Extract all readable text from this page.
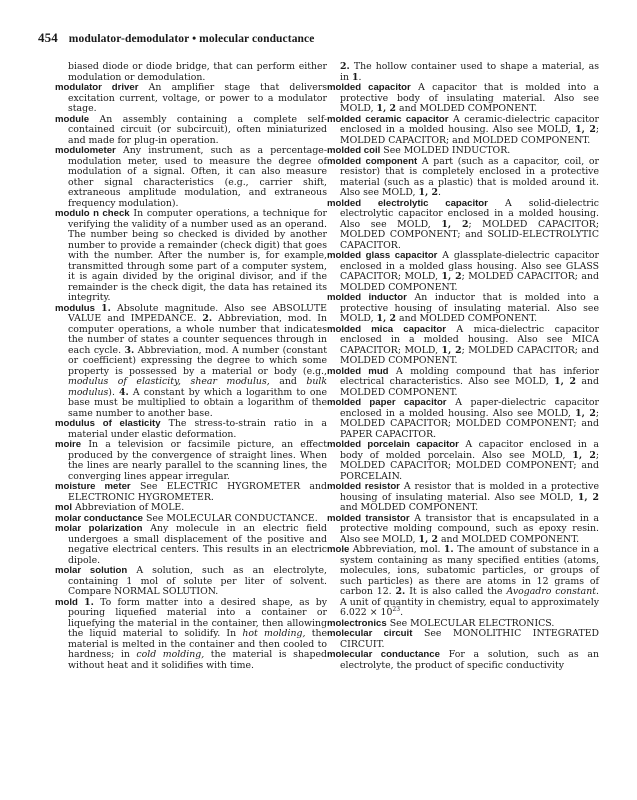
454 modulator-demodulator • molecular conductance

biased diode or diode bridge, that can perform either modulation or demodulation.

modulator driver An amplifier stage that delivers excitation current, voltage, or power to a modulator stage.

module An assembly containing a complete self-contained circuit (or subcircuit), often miniaturized and made for plug-in operation.

modulometer Any instrument, such as a percentage-modulation meter, used to measure the degree of modulation of a signal. Often, it can also measure other signal characteristics (e.g., carrier shift, extraneous amplitude modulation, and extraneous frequency modulation).

modulo n check In computer operations, a technique for verifying the validity of a number used as an operand. The number being so checked is divided by another number to provide a remainder (check digit) that goes with the number. After the number is, for example, transmitted through some part of a computer system, it is again divided by the original divisor, and if the remainder is the check digit, the data has retained its integrity.

modulus 1. Absolute magnitude. Also see ABSOLUTE VALUE and IMPEDANCE. 2. Abbreviation, mod. In computer operations, a whole number that indicates the number of states a counter sequences through in each cycle. 3. Abbreviation, mod. A number (constant or coefficient) expressing the degree to which some property is possessed by a material or body (e.g., modulus of elasticity, shear modulus, and bulk modulus). 4. A constant by which a logarithm to one base must be multiplied to obtain a logarithm of the same number to another base.

modulus of elasticity The stress-to-strain ratio in a material under elastic deformation.

moire In a television or facsimile picture, an effect produced by the convergence of straight lines. When the lines are nearly parallel to the scanning lines, the converging lines appear irregular.

moisture meter See ELECTRIC HYGROMETER and ELECTRONIC HYGROMETER.

mol Abbreviation of MOLE.

molar conductance See MOLECULAR CONDUCTANCE.

molar polarization Any molecule in an electric field undergoes a small displacement of the positive and negative electrical centers. This results in an electric dipole.

molar solution A solution, such as an electrolyte, containing 1 mol of solute per liter of solvent. Compare NORMAL SOLUTION.

mold 1. To form matter into a desired shape, as by pouring liquefied material into a container or liquefying the material in the container, then allowing the liquid material to solidify. In hot molding, the material is melted in the container and then cooled to hardness; in cold molding, the material is shaped without heat and it solidifies with time.

2. The hollow container used to shape a material, as in 1.

molded capacitor A capacitor that is molded into a protective body of insulating material. Also see MOLD, 1, 2 and MOLDED COMPONENT.

molded ceramic capacitor A ceramic-dielectric capacitor enclosed in a molded housing. Also see MOLD, 1, 2; MOLDED CAPACITOR; and MOLDED COMPONENT.

molded coil See MOLDED INDUCTOR.

molded component A part (such as a capacitor, coil, or resistor) that is completely enclosed in a protective material (such as a plastic) that is molded around it. Also see MOLD, 1, 2.

molded electrolytic capacitor A solid-dielectric electrolytic capacitor enclosed in a molded housing. Also see MOLD, 1, 2; MOLDED CAPACITOR; MOLDED COMPONENT; and SOLID-ELECTROLYTIC CAPACITOR.

molded glass capacitor A glassplate-dielectric capacitor enclosed in a molded glass housing. Also see GLASS CAPACITOR; MOLD, 1, 2; MOLDED CAPACITOR; and MOLDED COMPONENT.

molded inductor An inductor that is molded into a protective housing of insulating material. Also see MOLD, 1, 2 and MOLDED COMPONENT.

molded mica capacitor A mica-dielectric capacitor enclosed in a molded housing. Also see MICA CAPACITOR; MOLD, 1, 2; MOLDED CAPACITOR; and MOLDED COMPONENT.

molded mud A molding compound that has inferior electrical characteristics. Also see MOLD, 1, 2 and MOLDED COMPONENT.

molded paper capacitor A paper-dielectric capacitor enclosed in a molded housing. Also see MOLD, 1, 2; MOLDED CAPACITOR; MOLDED COMPONENT; and PAPER CAPACITOR.

molded porcelain capacitor A capacitor enclosed in a body of molded porcelain. Also see MOLD, 1, 2; MOLDED CAPACITOR; MOLDED COMPONENT; and PORCELAIN.

molded resistor A resistor that is molded in a protective housing of insulating material. Also see MOLD, 1, 2 and MOLDED COMPONENT.

molded transistor A transistor that is encapsulated in a protective molding compound, such as epoxy resin. Also see MOLD, 1, 2 and MOLDED COMPONENT.

mole Abbreviation, mol. 1. The amount of substance in a system containing as many specified entities (atoms, molecules, ions, subatomic particles, or groups of such particles) as there are atoms in 12 grams of carbon 12. 2. It is also called the Avogadro constant. A unit of quantity in chemistry, equal to approximately $6.022 \times 10^{23}$.

molectronics See MOLECULAR ELECTRONICS.

molecular circuit See MONOLITHIC INTEGRATED CIRCUIT.

molecular conductance For a solution, such as an electrolyte, the product of specific conductivity
